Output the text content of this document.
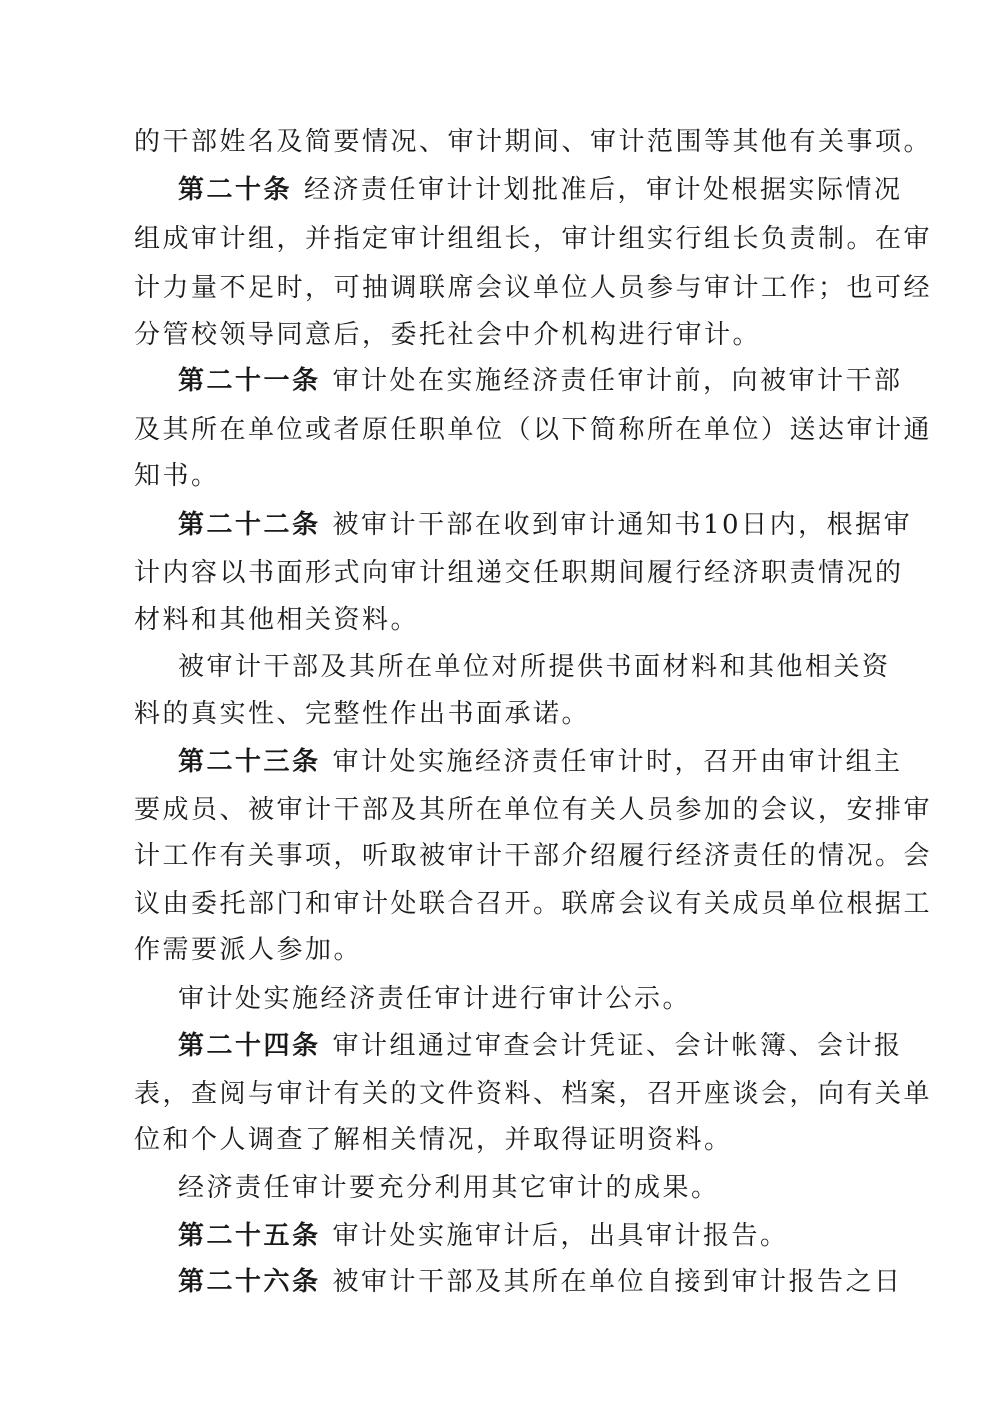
的干部姓名及简要情况、审计期间、审计范围等其他有关事项。
第二十条 经济责任审计计划批准后，审计处根据实际情况
组成审计组，并指定审计组组长，审计组实行组长负责制。在审
计力量不足时，可抽调联席会议单位人员参与审计工作；也可经
分管校领导同意后，委托社会中介机构进行审计。
第二十一条 审计处在实施经济责任审计前，向被审计干部
及其所在单位或者原任职单位（以下简称所在单位）送达审计通
知书。
第二十二条 被审计干部在收到审计通知书10日内，根据审
计内容以书面形式向审计组递交任职期间履行经济职责情况的
材料和其他相关资料。
被审计干部及其所在单位对所提供书面材料和其他相关资
料的真实性、完整性作出书面承诺。
第二十三条 审计处实施经济责任审计时，召开由审计组主
要成员、被审计干部及其所在单位有关人员参加的会议，安排审
计工作有关事项，听取被审计干部介绍履行经济责任的情况。会
议由委托部门和审计处联合召开。联席会议有关成员单位根据工
作需要派人参加。
审计处实施经济责任审计进行审计公示。
第二十四条 审计组通过审查会计凭证、会计帐簿、会计报
表，查阅与审计有关的文件资料、档案，召开座谈会，向有关单
位和个人调查了解相关情况，并取得证明资料。
经济责任审计要充分利用其它审计的成果。
第二十五条 审计处实施审计后，出具审计报告。
第二十六条 被审计干部及其所在单位自接到审计报告之日
